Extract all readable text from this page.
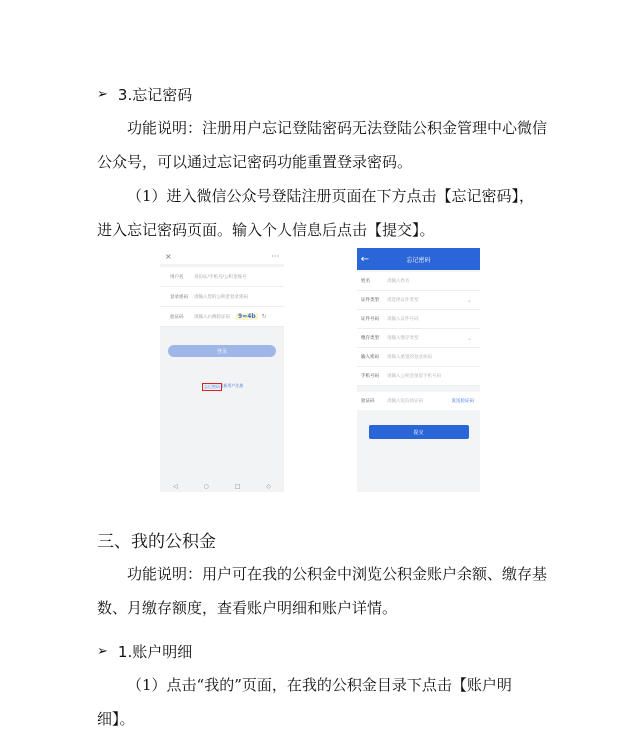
➢ 3.忘记密码
功能说明：注册用户忘记登陆密码无法登陆公积金管理中心微信公众号，可以通过忘记密码功能重置登录密码。
（1）进入微信公众号登陆注册页面在下方点击【忘记密码】，进入忘记密码页面。输入个人信息后点击【提交】。
×	···
用户名	身份证/手机号/公积金账号
登录密码	请输入您的公积金登录密码
验证码	请输入右侧验证码	9≈4b	↻
登录
忘记密码 |新用户注册
◁	○	□	◇
←	忘记密码
姓名	请输入姓名
证件类型	请选择证件类型	⌄
证件号码	请输入证件号码
缴存类型	请输入缴存类型	⌄
输入密码	请输入重置的登录密码
手机号码	请输入公积金预留手机号码
验证码	请输入短信验证码	发送验证码
提交
三、我的公积金
功能说明：用户可在我的公积金中浏览公积金账户余额、缴存基数、月缴存额度，查看账户明细和账户详情。
➢ 1.账户明细
（1）点击“我的”页面，在我的公积金目录下点击【账户明细】。
